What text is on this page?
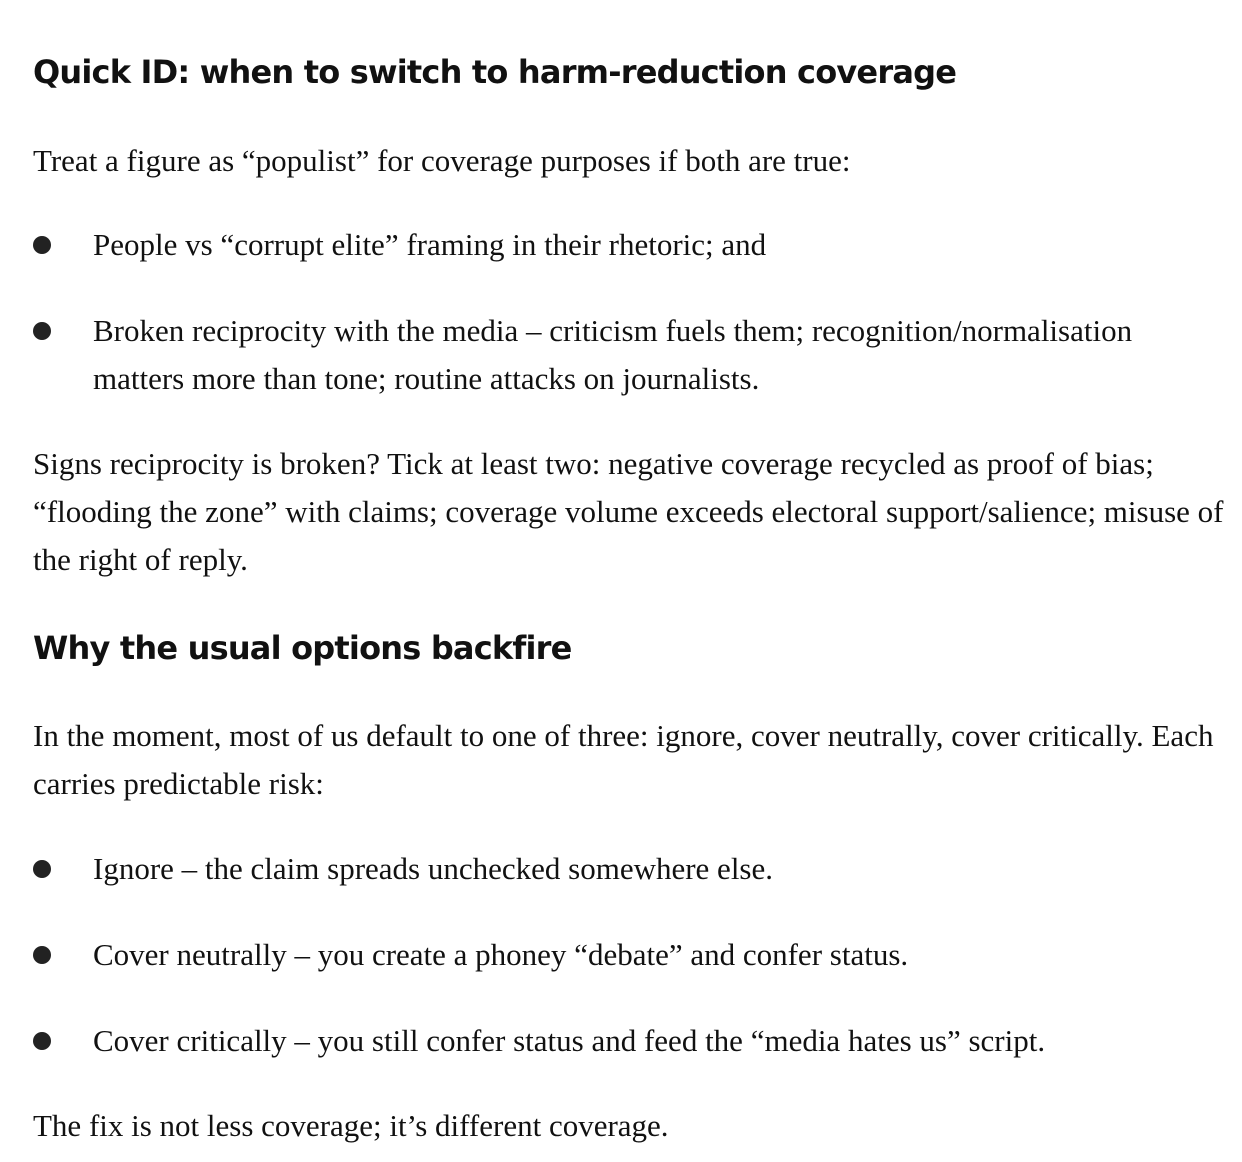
Quick ID: when to switch to harm-reduction coverage

Treat a figure as “populist” for coverage purposes if both are true:

People vs “corrupt elite” framing in their rhetoric; and
Broken reciprocity with the media – criticism fuels them; recognition/normalisation matters more than tone; routine attacks on journalists.

Signs reciprocity is broken? Tick at least two: negative coverage recycled as proof of bias; “flooding the zone” with claims; coverage volume exceeds electoral support/salience; misuse of the right of reply.

Why the usual options backfire

In the moment, most of us default to one of three: ignore, cover neutrally, cover critically. Each carries predictable risk:

Ignore – the claim spreads unchecked somewhere else.
Cover neutrally – you create a phoney “debate” and confer status.
Cover critically – you still confer status and feed the “media hates us” script.

The fix is not less coverage; it’s different coverage.
